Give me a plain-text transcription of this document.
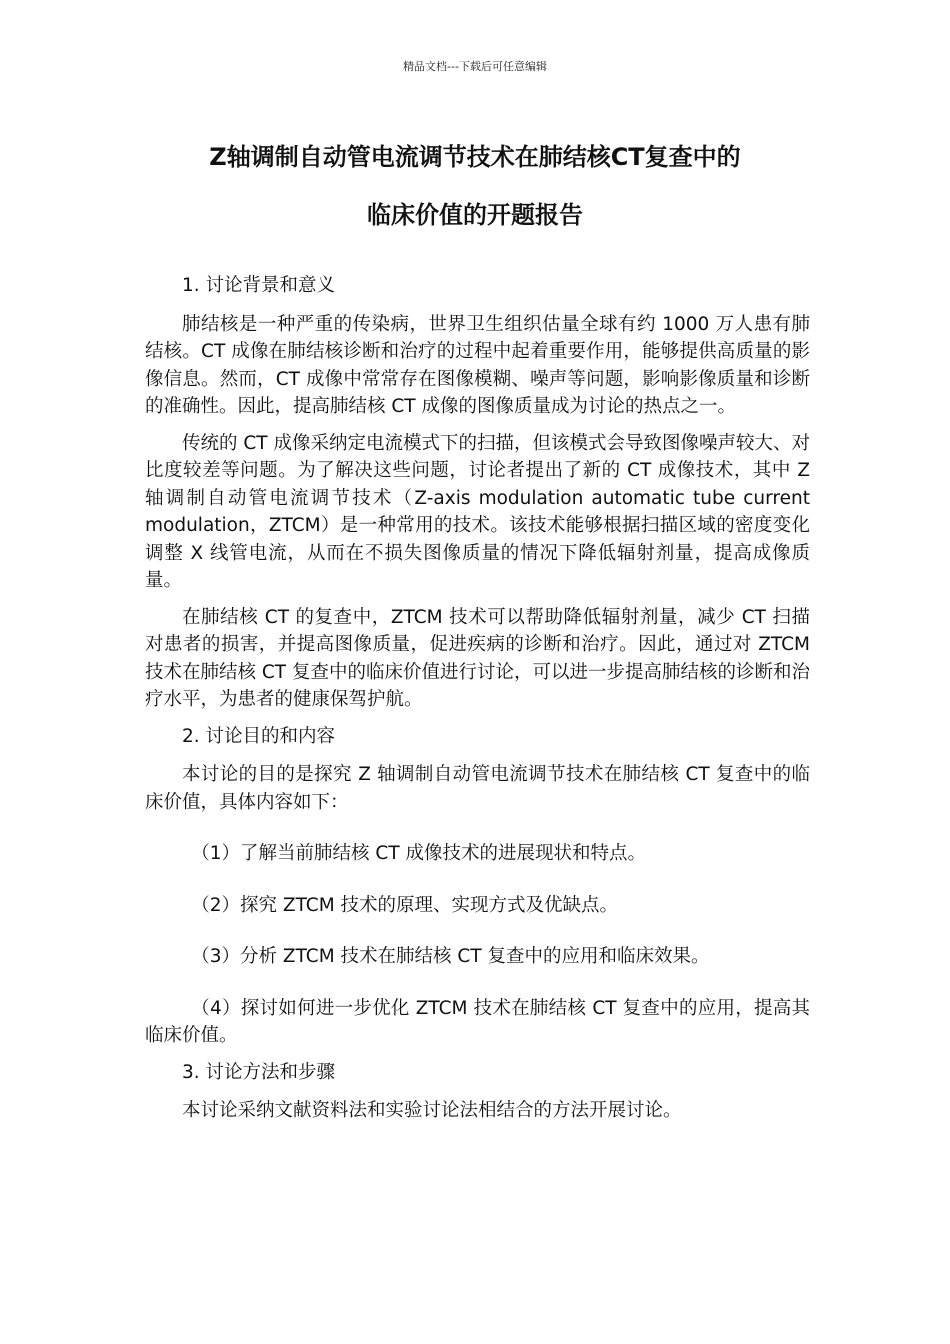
精品文档---下载后可任意编辑
Z轴调制自动管电流调节技术在肺结核CT复查中的
临床价值的开题报告

1. 讨论背景和意义

肺结核是一种严重的传染病，世界卫生组织估量全球有约 1000 万人患有肺结核。CT 成像在肺结核诊断和治疗的过程中起着重要作用，能够提供高质量的影像信息。然而，CT 成像中常常存在图像模糊、噪声等问题，影响影像质量和诊断的准确性。因此，提高肺结核 CT 成像的图像质量成为讨论的热点之一。

传统的 CT 成像采纳定电流模式下的扫描，但该模式会导致图像噪声较大、对比度较差等问题。为了解决这些问题，讨论者提出了新的 CT 成像技术，其中 Z 轴调制自动管电流调节技术（Z-axis modulation automatic tube current modulation，ZTCM）是一种常用的技术。该技术能够根据扫描区域的密度变化调整 X 线管电流，从而在不损失图像质量的情况下降低辐射剂量，提高成像质量。

在肺结核 CT 的复查中，ZTCM 技术可以帮助降低辐射剂量，减少 CT 扫描对患者的损害，并提高图像质量，促进疾病的诊断和治疗。因此，通过对 ZTCM 技术在肺结核 CT 复查中的临床价值进行讨论，可以进一步提高肺结核的诊断和治疗水平，为患者的健康保驾护航。

2. 讨论目的和内容

本讨论的目的是探究 Z 轴调制自动管电流调节技术在肺结核 CT 复查中的临床价值，具体内容如下：

（1）了解当前肺结核 CT 成像技术的进展现状和特点。

（2）探究 ZTCM 技术的原理、实现方式及优缺点。

（3）分析 ZTCM 技术在肺结核 CT 复查中的应用和临床效果。

（4）探讨如何进一步优化 ZTCM 技术在肺结核 CT 复查中的应用，提高其临床价值。

3. 讨论方法和步骤

本讨论采纳文献资料法和实验讨论法相结合的方法开展讨论。
